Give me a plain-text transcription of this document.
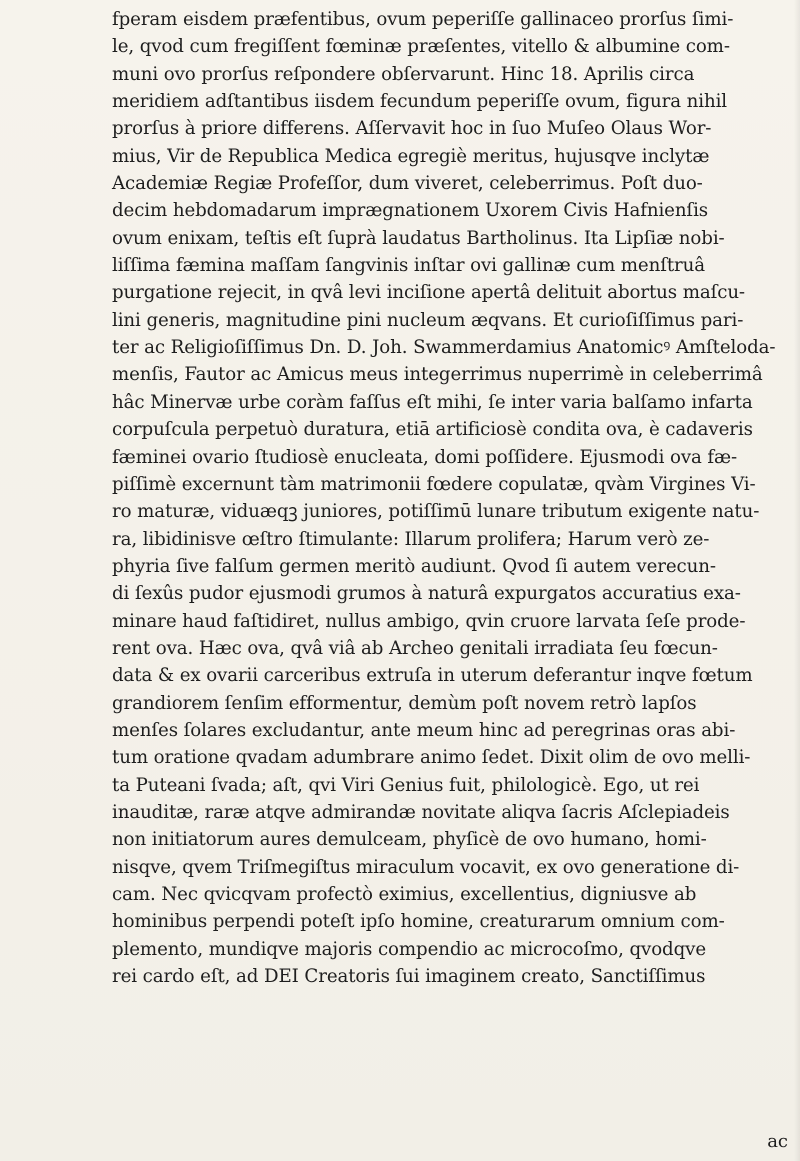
fperam eisdem præfentibus, ovum peperiſſe gallinaceo prorſus ſimi-
le, qvod cum fregiſſent fœminæ præſentes, vitello & albumine com-
muni ovo prorſus reſpondere obſervarunt. Hinc 18. Aprilis circa
meridiem adſtantibus iisdem fecundum peperiſſe ovum, figura nihil
prorſus à priore differens. Aſſervavit hoc in ſuo Muſeo Olaus Wor-
mius, Vir de Republica Medica egregiè meritus, hujusqve inclytæ
Academiæ Regiæ Profeſſor, dum viveret, celeberrimus. Poſt duo-
decim hebdomadarum imprægnationem Uxorem Civis Hafnienſis
ovum enixam, teſtis eſt ſuprà laudatus Bartholinus. Ita Lipſiæ nobi-
liſſima fæmina maſſam ſangvinis inſtar ovi gallinæ cum menſtruâ
purgatione rejecit, in qvâ levi inciſione apertâ delituit abortus maſcu-
lini generis, magnitudine pini nucleum æqvans. Et curioſiſſimus pari-
ter ac Religioſiſſimus Dn. D. Joh. Swammerdamius Anatomicꝰ Amſteloda-
menſis, Fautor ac Amicus meus integerrimus nuperrimè in celeberrimâ
hâc Minervæ urbe coràm faſſus eſt mihi, ſe inter varia balſamo infarta
corpuſcula perpetuò duratura, etiā artificiosè condita ova, è cadaveris
fæminei ovario ſtudiosè enucleata, domi poſſidere. Ejusmodi ova fæ-
piſſimè excernunt tàm matrimonii fœdere copulatæ, qvàm Virgines Vi-
ro maturæ, viduæqꝫ juniores, potiſſimū lunare tributum exigente natu-
ra, libidinisve œſtro ſtimulante: Illarum prolifera; Harum verò ze-
phyria ſive falſum germen meritò audiunt. Qvod ſi autem verecun-
di ſexûs pudor ejusmodi grumos à naturâ expurgatos accuratius exa-
minare haud faſtidiret, nullus ambigo, qvin cruore larvata ſeſe prode-
rent ova. Hæc ova, qvâ viâ ab Archeo genitali irradiata ſeu fœcun-
data & ex ovarii carceribus extruſa in uterum deferantur inqve fœtum
grandiorem ſenſim efformentur, demùm poſt novem retrò lapſos
menſes ſolares excludantur, ante meum hinc ad peregrinas oras abi-
tum oratione qvadam adumbrare animo ſedet. Dixit olim de ovo melli-
ta Puteani ſvada; aſt, qvi Viri Genius fuit, philologicè. Ego, ut rei
inauditæ, raræ atqve admirandæ novitate aliqva ſacris Aſclepiadeis
non initiatorum aures demulceam, phyſicè de ovo humano, homi-
nisqve, qvem Triſmegiſtus miraculum vocavit, ex ovo generatione di-
cam. Nec qvicqvam profectò eximius, excellentius, digniusve ab
hominibus perpendi poteſt ipſo homine, creaturarum omnium com-
plemento, mundiqve majoris compendio ac microcoſmo, qvodqve
rei cardo eſt, ad DEI Creatoris ſui imaginem creato, Sanctiſſimus
ac
